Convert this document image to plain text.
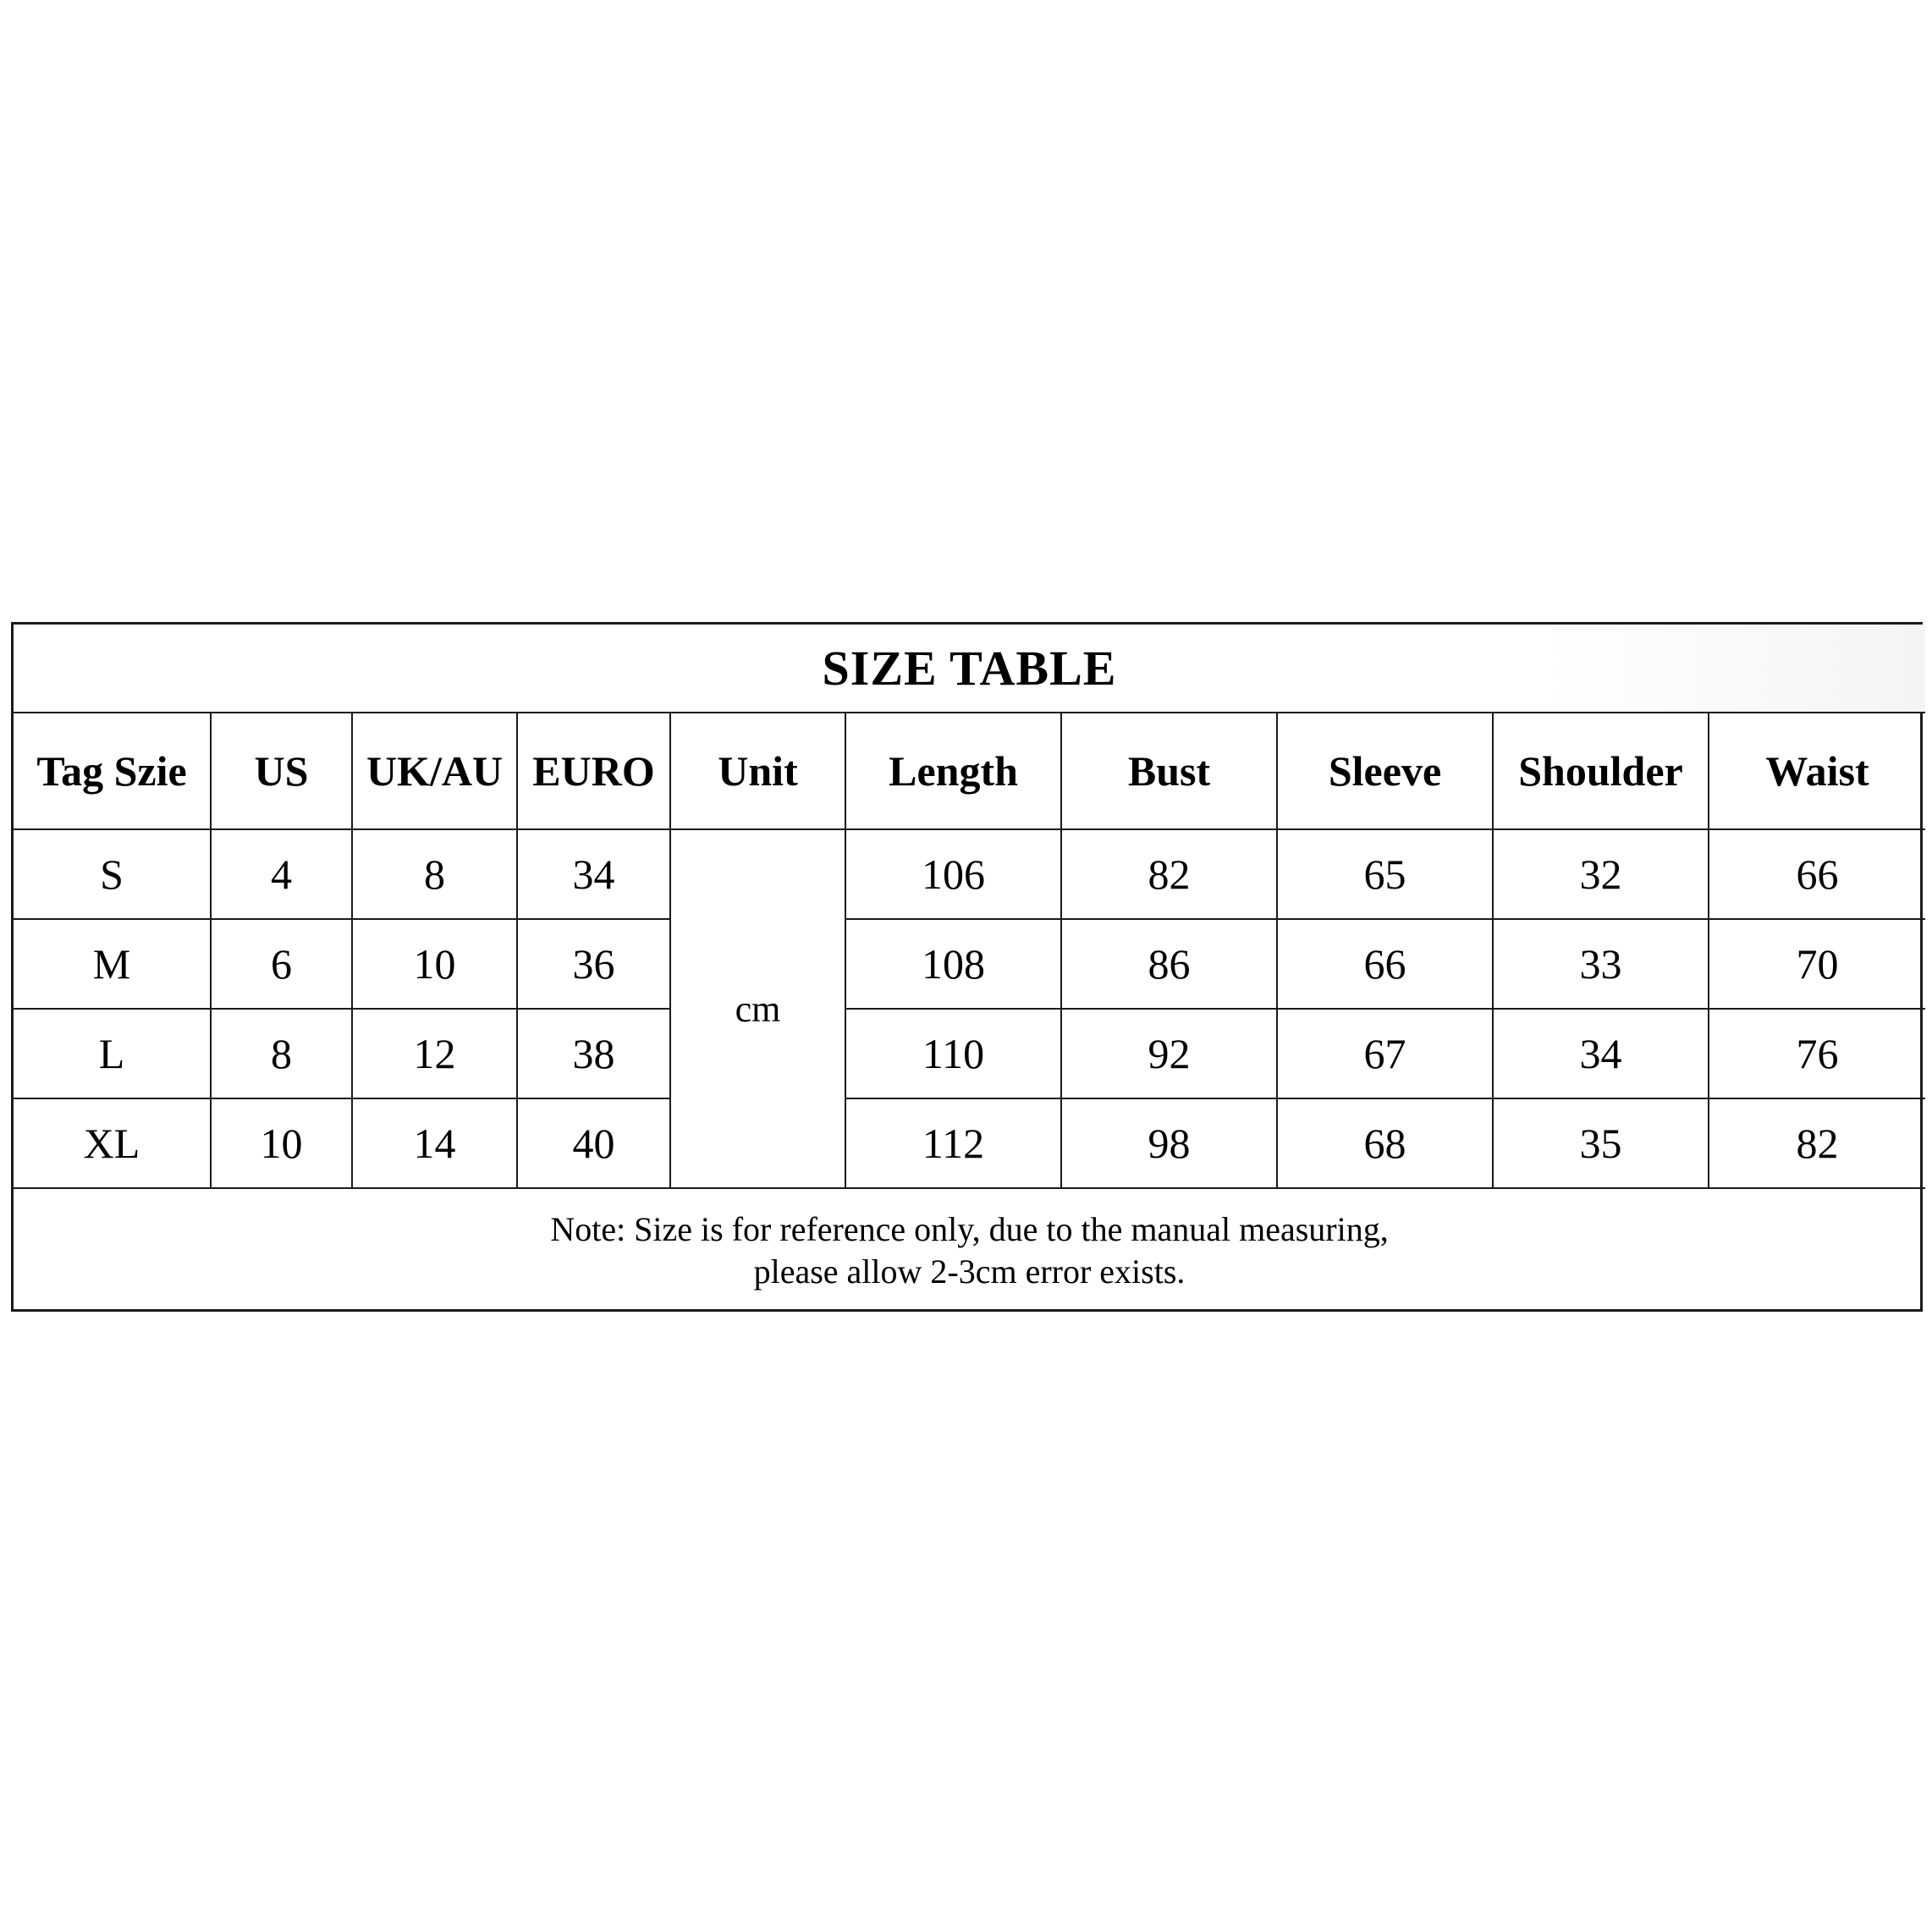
SIZE TABLE									
Tag Szie	US	UK/AU	EURO	Unit	Length	Bust	Sleeve	Shoulder	Waist
S	4	8	34	cm	106	82	65	32	66
M	6	10	36		108	86	66	33	70
L	8	12	38		110	92	67	34	76
XL	10	14	40		112	98	68	35	82

Note: Size is for reference only, due to the manual measuring,
please allow 2-3cm error exists.									
